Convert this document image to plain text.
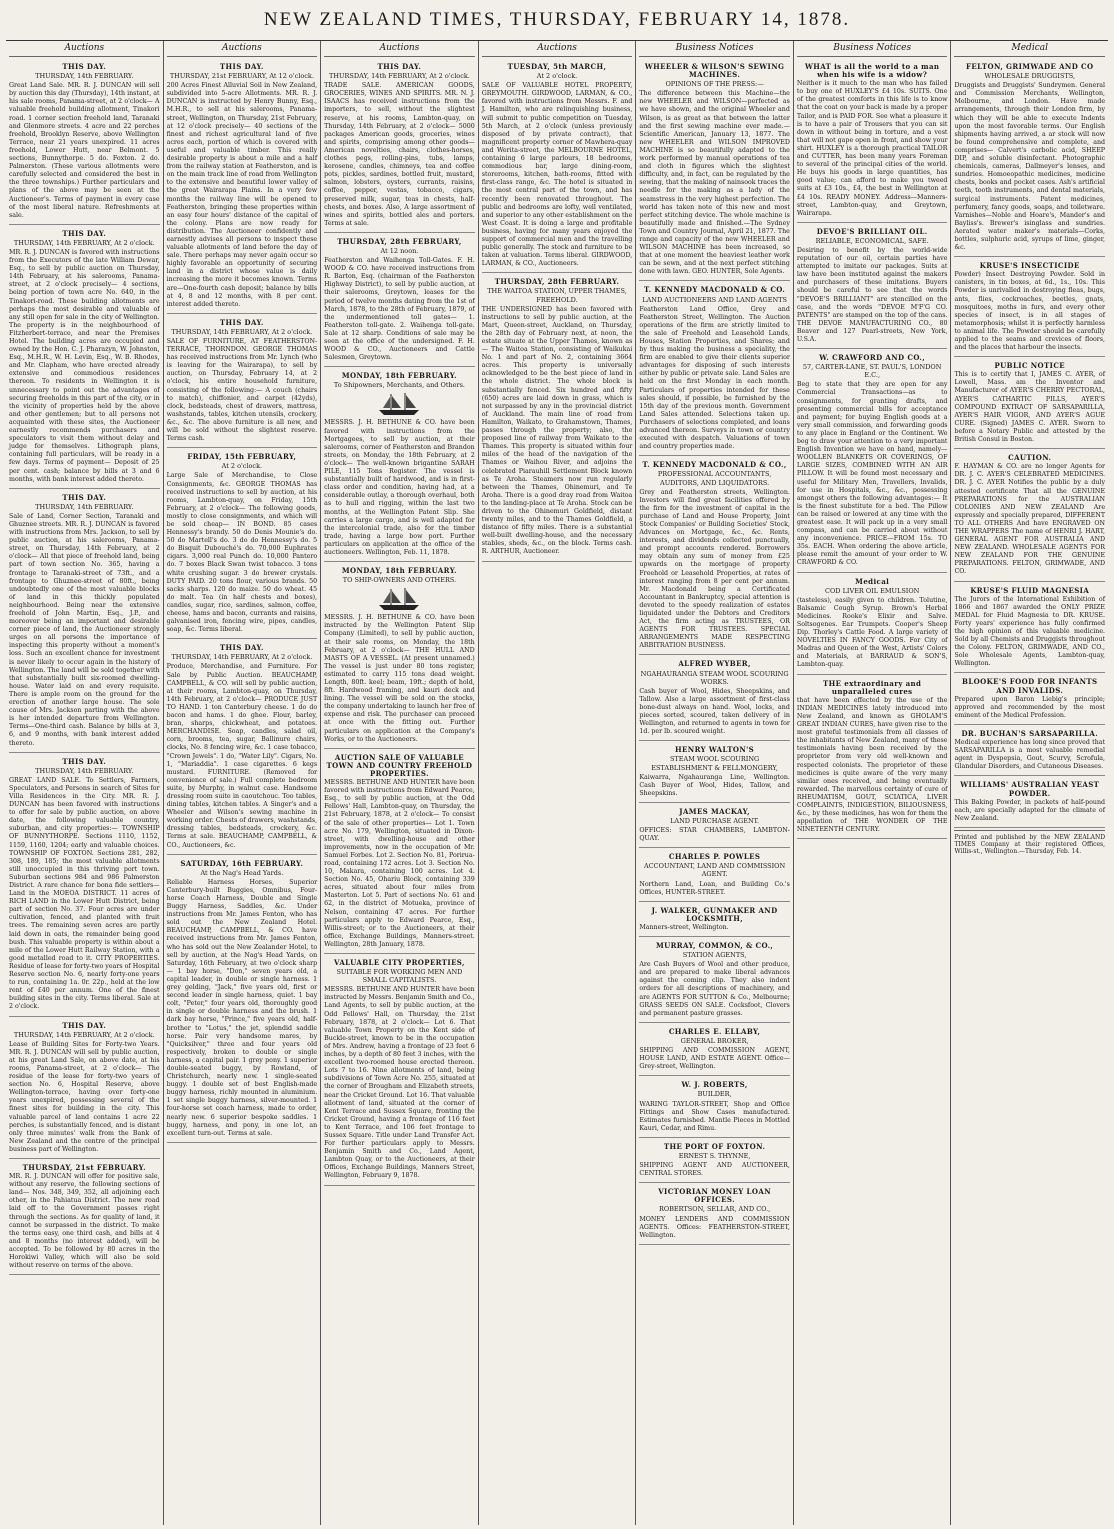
NEW ZEALAND TIMES, THURSDAY, FEBRUARY 14, 1878.
Auctions
THIS DAY.
THURSDAY, 14th FEBRUARY.

Great Land Sale. MR. R. J. DUNCAN will sell by auction this day (Thursday), 14th instant, at his sale rooms, Panama-street, at 2 o'clock— A valuable freehold building allotment, Tinakori road. 1 corner section freehold land, Taranaki and Glenmore streets. 4 acre and 22 perches freehold, Brooklyn Reserve, above Wellington Terrace, near 21 years unexpired. 11 acres freehold, Lower Hutt, near Belmont. 5 sections, Bunnythorpe. 5 do. Foxton. 2 do. Palmerston. (These various allotments were carefully selected and considered the best in the three townships.) Further particulars and plans of the above may be seen at the Auctioneer's. Terms of payment in every case of the most liberal nature. Refreshments at sale.

THIS DAY.
THURSDAY, 14th FEBRUARY, At 2 o'clock.

MR. R. J. DUNCAN is favored with instructions from the Executors of the late William Dewar, Esq., to sell by public auction on Thursday, 14th February, at his salerooms, Panama-street, at 2 o'clock precisely— 4 sections, being portion of town acre No. 640, in the Tinakori-road. These building allotments are perhaps the most desirable and valuable of any still open for sale in the city of Wellington. The property is in the neighbourhood of Fitzherbert-terrace, and near the Premises Hotel. The building acres are occupied and owned by the Hon. C. J. Pharazyn, W. Johnston, Esq., M.H.R., W. H. Levin, Esq., W. B. Rhodes, and Mr. Clapham, who have erected already extensive and commodious residences thereon. To residents in Wellington it is unnecessary to point out the advantages of securing freeholds in this part of the city, or in the vicinity of properties held by the above and other gentlemen; but to all persons not acquainted with these sites, the Auctioneer earnestly recommends purchasers and speculators to visit them without delay and judge for themselves. Lithograph plans, containing full particulars, will be ready in a few days. Terms of payment— Deposit of 25 per cent. cash; balance by bills at 3 and 6 months, with bank interest added thereto.

THIS DAY.
THURSDAY, 14th FEBRUARY.

Sale of Land, Corner Section, Taranaki and Ghuznee streets. MR. R. J. DUNCAN is favored with instructions from Mrs. Jackson, to sell by public auction, at his salerooms, Panama-street, on Thursday, 14th February, at 2 o'clock— All that piece of freehold land, being part of town section No. 365, having a frontage to Taranaki-street of 73ft., and a frontage to Ghuznee-street of 80ft., being undoubtedly one of the most valuable blocks of land in this thickly populated neighbourhood. Being near the extensive freehold of John Martin, Esq., J.P., and moreover being an important and desirable corner piece of land, the Auctioneer strongly urges on all persons the importance of inspecting this property without a moment's loss. Such an excellent chance for investment is never likely to occur again in the history of Wellington. The land will be sold together with that substantially built six-roomed dwelling-house. Water laid on and every requisite. There is ample room on the ground for the erection of another large house. The sole cause of Mrs. Jackson parting with the above is her intended departure from Wellington. Terms—One-third cash. Balance by bills at 3, 6, and 9 months, with bank interest added thereto.

THIS DAY.
THURSDAY, 14th FEBRUARY.

GREAT LAND SALE. To Settlers, Farmers, Speculators, and Persons in search of Sites for Villa Residences in the City. MR. R. J. DUNCAN has been favored with instructions to offer for sale by public auction, on above date, the following valuable country, suburban, and city properties:— TOWNSHIP OF BUNNYTHORPE. Sections 1110, 1152, 1159, 1160, 1204; early and valuable choices. TOWNSHIP OF FOXTON. Sections 281, 282, 308, 189, 185; the most valuable allotments still unoccupied in this thriving port town. Suburban sections 984 and 986 Palmerston District. A rare chance for bona fide settlers— Land in the MOEOA DISTRICT. 11 acres of RICH LAND in the Lower Hutt District, being part of section No. 37. Four acres are under cultivation, fenced, and planted with fruit trees. The remaining seven acres are partly laid down in oats, the remainder being good bush. This valuable property is within about a mile of the Lower Hutt Railway Station, with a good metalled road to it. CITY PROPERTIES. Residue of lease for forty-two years of Hospital Reserve section No. 6, nearly forty-one years to run, containing 1a. 0r. 22p., held at the low rent of £40 per annum. One of the finest building sites in the city. Terms liberal. Sale at 2 o'clock.

THIS DAY.
THURSDAY, 14th FEBRUARY, At 2 o'clock.

Lease of Building Sites for Forty-two Years. MR. R. J. DUNCAN will sell by public auction, at his great Land Sale, on above date, at his rooms, Panama-street, at 2 o'clock— The residue of the lease for forty-two years of section No. 6, Hospital Reserve, above Wellington-terrace, having over forty-one years unexpired, possessing several of the finest sites for building in the city. This valuable parcel of land contains 1 acre 22 perches, is substantially fenced, and is distant only three minutes' walk from the Bank of New Zealand and the centre of the principal business part of Wellington.

THURSDAY, 21st FEBRUARY.

MR. R. J. DUNCAN will offer for positive sale, without any reserve, the following sections of land— Nos. 348, 349, 352, all adjoining each other, in the Pahiatua District. The new road laid off to the Government passes right through the sections. As for quality of land, it cannot be surpassed in the district. To make the terms easy, one third cash, and bills at 4 and 8 months (no interest added), will be accepted. To be followed by 80 acres in the Horokiwi Valley, which will also be sold without reserve on terms of the above.

Auctions
THIS DAY.
THURSDAY, 21st FEBRUARY, At 12 o'clock.

200 Acres Finest Alluvial Soil in New Zealand, subdivided into 5-acre Allotments. MR. R. J. DUNCAN is instructed by Henry Bunny, Esq., M.H.R., to sell at his salerooms, Panama-street, Wellington, on Thursday, 21st February, at 12 o'clock precisely— 40 sections of the finest and richest agricultural land of five acres each, portion of which is covered with useful and valuable timber. This really desirable property is about a mile and a half from the railway station at Featherston, and is on the main track line of road from Wellington to the extensive and beautiful lower valley of the great Wairarapa Plains. In a very few months the railway line will be opened to Featherston, bringing these properties within an easy four hours' distance of the capital of the colony. Plans are now ready for distribution. The Auctioneer confidently and earnestly advises all persons to inspect these valuable allotments of land before the day of sale. There perhaps may never again occur so highly favorable an opportunity of securing land in a district whose value is daily increasing the more it becomes known. Terms are—One-fourth cash deposit; balance by bills at 4, 8 and 12 months, with 8 per cent. interest added thereto.

THIS DAY.
THURSDAY, 14th FEBRUARY, At 2 o'clock.

SALE OF FURNITURE, AT FEATHERSTON-TERRACE, THORNDON. GEORGE THOMAS has received instructions from Mr. Lynch (who is leaving for the Wairarapa), to sell by auction, on Thursday, February 14, at 2 o'clock, his entire household furniture, consisting of the following:— A couch (chairs to match), chiffonier, and carpet (42yds), clock, bedsteads, chest of drawers, mattress, washstands, tables, kitchen utensils, crockery, &c., &c. The above furniture is all new, and will be sold without the slightest reserve. Terms cash.

FRIDAY, 15th FEBRUARY,
At 2 o'clock.

Large Sale of Merchandise, to Close Consignments, &c. GEORGE THOMAS has received instructions to sell by auction, at his rooms, Lambton-quay, on Friday, 15th February, at 2 o'clock— The following goods, mostly to close consignments, and which will be sold cheap— IN BOND. 85 cases Hennessy's brandy. 50 do Denis Mounie's do. 50 do Martell's do. 3 do do Hennessy's do. 5 do Bisquit Dubouché's do. 70,000 Euphrates cigars. 3,000 real Punch do. 10,000 Pantero do. 7 boxes Black Swan twist tobacco. 3 tons white crushing sugar. 3 do brewer crystals. DUTY PAID. 20 tons flour, various brands. 50 sacks sharps. 120 do maize. 50 do wheat. 45 do malt. Tea (in half chests and boxes), candles, sugar, rice, sardines, salmon, coffee, cheese, hams and bacon, currants and raisins, galvanised iron, fencing wire, pipes, candles, soap, &c. Terms liberal.

THIS DAY.
THURSDAY, 14th FEBRUARY, At 2 o'clock.

Produce, Merchandise, and Furniture. For Sale by Public Auction. BEAUCHAMP, CAMPBELL, & CO. will sell by public auction, at their rooms, Lambton-quay, on Thursday, 14th February, at 2 o'clock— PRODUCE JUST TO HAND. 1 ton Canterbury cheese. 1 do do bacon and hams. 1 do ghee. Flour, barley, bran, sharps, chickwheat, and potatoes. MERCHANDISE. Soap, candles, salad oil, corn, brooms, tea, sugar, Ballinure chairs, clocks, No. 8 fencing wire, &c. 1 case tobacco, "Crown Jewels". 1 do, "Water Lily". Cigars, No. 1, "Mariaddia". 1 case cigarettes. 6 kegs mustard. FURNITURE. (Removed for convenience of sale.) Full complete bedroom suite, by Murphy, in walnut case. Handsome dressing room suite in caoutchouc. Too tables, dining tables, kitchen tables. A Singer's and a Wheeler and Wilson's sewing machine in working order. Chests of drawers, washstands, dressing tables, bedsteads, crockery, &c. Terms at sale. BEAUCHAMP, CAMPBELL, & CO., Auctioneers, &c.

SATURDAY, 16th FEBRUARY.
At the Nag's Head Yards.

Reliable Harness Horses, Superior Canterbury-built Buggies, Omnibus, Four-horse Coach Harness, Double and Single Buggy Harness, Saddles, &c. Under instructions from Mr. James Fenton, who has sold out the New Zealand Hotel. BEAUCHAMP, CAMPBELL, & CO. have received instructions from Mr. James Fenton, who has sold out the New Zealander Hotel, to sell by auction, at the Nag's Head Yards, on Saturday, 16th February, at two o'clock sharp— 1 bay horse, "Don," seven years old, a capital leader, in double or single harness. 1 grey gelding, "Jack," five years old, first or second leader in single harness, quiet. 1 bay colt, "Peter," four years old, thoroughly good in single or double harness and the brush. 1 dark bay horse, "Prince," five years old, half-brother to "Lotus," the jet, splendid saddle horse. Pair very handsome mares, by "Quicksilver," three and four years old respectively, broken to double or single harness, a capital pair. 1 grey pony. 1 superior double-seated buggy, by Rowland, of Christchurch, nearly new. 1 single-seated buggy. 1 double set of best English-made buggy harness, richly mounted in aluminium. 1 set single buggy harness, silver-mounted. 1 four-horse set coach harness, made to order, nearly new. 6 superior bespoke saddles. 1 buggy, harness, and pony, in one lot, an excellent turn-out. Terms at sale.

Auctions
THIS DAY.
THURSDAY, 14th FEBRUARY, At 2 o'clock.

TRADE SALE. AMERICAN GOODS, GROCERIES, WINES AND SPIRITS. MR. N. J. ISAACS has received instructions from the importers, to sell, without the slightest reserve, at his rooms, Lambton-quay, on Thursday, 14th February, at 2 o'clock— 5000 packages American goods, groceries, wines and spirits, comprising among other goods— American novelties, chairs, clothes-horses, clothes pegs, rolling-pins, tubs, lamps, kerosene, candles, chimneys, tea and coffee pots, pickles, sardines, bottled fruit, mustard, salmon, lobsters, oysters, currants, raisins, coffee, pepper, vestas, tobacco, cigars, preserved milk, sugar, teas in chests, half-chests, and boxes. Also, A large assortment of wines and spirits, bottled ales and porters. Terms at sale.

THURSDAY, 28th FEBRUARY,
At 12 noon.

Featherston and Waihenga Toll-Gates. F. H. WOOD & CO. have received instructions from R. Barton, Esq. (chairman of the Featherston Highway District), to sell by public auction, at their salerooms, Greytown, leases for the period of twelve months dating from the 1st of March, 1878, to the 28th of February, 1879, of the undermentioned toll gates— 1. Featherston toll-gate. 2. Waihenga toll-gate. Sale at 12 sharp. Conditions of sale may be seen at the office of the undersigned. F. H. WOOD & CO., Auctioneers and Cattle Salesmen, Greytown.

MONDAY, 18th FEBRUARY.
To Shipowners, Merchants, and Others.

MESSRS. J. H. BETHUNE & CO. have been favored with instructions from the Mortgagees, to sell by auction, at their salerooms, corner of Featherston and Brandon streets, on Monday, the 18th February, at 2 o'clock— The well-known brigantine SARAH PILE, 115 Tons Register. The vessel is substantially built of hardwood, and is in first-class order and condition, having had, at a considerable outlay, a thorough overhaul, both as to hull and rigging, within the last two months, at the Wellington Patent Slip. She carries a large cargo, and is well adapted for the intercolonial trade, also for the timber trade, having a large bow port. Further particulars on application at the office of the auctioneers. Wellington, Feb. 11, 1878.

MONDAY, 18th FEBRUARY.
TO SHIP-OWNERS AND OTHERS.

MESSRS. J. H. BETHUNE & CO. have been instructed by the Wellington Patent Slip Company (Limited), to sell by public auction, at their sale rooms, on Monday, the 18th February, at 2 o'clock— THE HULL AND MASTS OF A VESSEL. (At present unnamed.) The vessel is just under 80 tons register, estimated to carry 115 tons dead weight. Length, 80ft. keel; beam, 19ft.; depth of hold, 8ft. Hardwood framing, and kauri deck and lining. The vessel will be sold on the stocks, the company undertaking to launch her free of expense and risk. The purchaser can proceed at once with the fitting out. Further particulars on application at the Company's Works, or to the Auctioneers.

AUCTION SALE OF VALUABLE TOWN AND COUNTRY FREEHOLD PROPERTIES.

MESSRS. BETHUNE AND HUNTER have been favored with instructions from Edward Pearce, Esq., to sell by public auction, at the Odd Fellows' Hall, Lambton-quay, on Thursday, the 21st February, 1878, at 2 o'clock— To consist of the sale of other properties— Lot 1. Town acre No. 179, Wellington, situated in Dixon-street, with dwelling-house and other improvements, now in the occupation of Mr. Samuel Forbes. Lot 2. Section No. 81, Porirua-road, containing 172 acres. Lot 3. Section No. 10, Makara, containing 100 acres. Lot 4. Section No. 45, Ohariu Block, containing 339 acres, situated about four miles from Masterton. Lot 5. Part of sections No. 61 and 62, in the district of Motueka, province of Nelson, containing 47 acres. For further particulars apply to Edward Pearce, Esq., Willis-street; or to the Auctioneers, at their office, Exchange Buildings, Manners-street. Wellington, 28th January, 1878.

VALUABLE CITY PROPERTIES,
SUITABLE FOR WORKING MEN AND SMALL CAPITALISTS.

MESSRS. BETHUNE AND HUNTER have been instructed by Messrs. Benjamin Smith and Co., Land Agents, to sell by public auction, at the Odd Fellows' Hall, on Thursday, the 21st February, 1878, at 2 o'clock— Lot 6. That valuable Town Property on the Kent side of Buckle-street, known to be in the occupation of Mrs. Andrew, having a frontage of 23 feet 6 inches, by a depth of 80 feet 3 inches, with the excellent two-roomed house erected thereon. Lots 7 to 16. Nine allotments of land, being subdivisions of Town Acre No. 255, situated at the corner of Brougham and Elizabeth streets, near the Cricket Ground. Lot 16. That valuable allotment of land, situated at the corner of Kent Terrace and Sussex Square, fronting the Cricket Ground, having a frontage of 116 feet to Kent Terrace, and 106 feet frontage to Sussex Square. Title under Land Transfer Act. For further particulars apply to Messrs. Benjamin Smith and Co., Land Agent, Lambton Quay, or to the Auctioneers, at their Offices, Exchange Buildings, Manners Street, Wellington, February 9, 1878.

Auctions
TUESDAY, 5th MARCH,
At 2 o'clock.

SALE OF VALUABLE HOTEL PROPERTY, GREYMOUTH. GIRDWOOD, LARMAN, & CO., favored with instructions from Messrs. F. and J. Hamilton, who are relinquishing business, will submit to public competition on Tuesday, 5th March, at 2 o'clock (unless previously disposed of by private contract), that magnificent property corner of Mawhera-quay and Werita-street, the MELBOURNE HOTEL, containing 6 large parlours, 18 bedrooms, commodious bar, large dining-room, storerooms, kitchen, bath-rooms, fitted with first-class range, &c. The hotel is situated in the most central part of the town, and has recently been renovated throughout. The public and bedrooms are lofty, well ventilated, and superior to any other establishment on the West Coast. It is doing a large and profitable business, having for many years enjoyed the support of commercial men and the travelling public generally. The stock and furniture to be taken at valuation. Terms liberal. GIRDWOOD, LARMAN, & CO., Auctioneers.

THURSDAY, 28th FEBRUARY.
THE WAITOA STATION, UPPER THAMES, FREEHOLD.

THE UNDERSIGNED has been favored with instructions to sell by public auction, at the Mart, Queen-street, Auckland, on Thursday, the 28th day of February next, at noon, the estate situate at the Upper Thames, known as— The Waitoa Station, consisting of Waikukai No. 1 and part of No. 2, containing 3664 acres. This property is universally acknowledged to be the best piece of land in the whole district. The whole block is substantially fenced. Six hundred and fifty (650) acres are laid down in grass, which is not surpassed by any in the provincial district of Auckland. The main line of road from Hamilton, Waikato, to Grahamstown, Thames, passes through the property; also, the proposed line of railway from Waikato to the Thames. This property is situated within four miles of the head of the navigation of the Thames or Waihou River, and adjoins the celebrated Piarauhill Settlement Block known as Te Aroha. Steamers now run regularly between the Thames, Ohinemuri, and Te Aroha. There is a good dray road from Waitoa to the landing-place at Te Aroha. Stock can be driven to the Ohinemuri Goldfield, distant twenty miles, and to the Thames Goldfield, a distance of fifty miles. There is a substantial well-built dwelling-house, and the necessary stables, sheds, &c., on the block. Terms cash. R. ARTHUR, Auctioneer.

Business Notices
WHEELER & WILSON'S SEWING MACHINES.
OPINIONS OF THE PRESS:—

The difference between this Machine—the new WHEELER and WILSON—perfected as we have shown, and the original Wheeler and Wilson, is as great as that between the latter and the first sewing machine ever made.—Scientific American, January 13, 1877. The new WHEELER and WILSON IMPROVED MACHINE is so beautifully adapted to the work performed by manual operations of tea and cloth in figures which the slightest difficulty, and, in fact, can be regulated by the sewing, that the making of nainsook traces the needle for the making as a lady of the seamstress in the very highest perfection. The world has taken note of this new and most perfect stitching device. The whole machine is beautifully made and finished.—The Sydney Town and Country Journal, April 21, 1877. The range and capacity of the new WHEELER and WILSON MACHINE has been increased, so that at one moment the heaviest leather work can be sewn, and at the next perfect stitching done with lawn. GEO. HUNTER, Sole Agents.

T. KENNEDY MACDONALD & CO.
LAND AUCTIONEERS AND LAND AGENTS

Featherston Land Office, Grey and Featherston Street, Wellington. The Auction operations of the firm are strictly limited to the sale of Freehold and Leasehold Lands, Houses, Station Properties, and Shares; and by thus making the business a speciality, the firm are enabled to give their clients superior advantages for disposing of such interests either by public or private sale. Land Sales are held on the first Monday in each month. Particulars of properties intended for these sales should, if possible, be furnished by the 15th day of the previous month. Government Land Sales attended. Selections taken up. Purchasers of selections completed, and loans advanced thereon. Surveys in town or country executed with despatch. Valuations of town and country properties made.

T. KENNEDY MACDONALD & CO.,
PROFESSIONAL ACCOUNTANTS, AUDITORS, AND LIQUIDATORS.

Grey and Featherston streets, Wellington. Investors will find great facilities offered by the firm for the investment of capital in the purchase of Land and House Property, Joint Stock Companies' or Building Societies' Stock, Advances on Mortgage, &c., &c. Rents, interests, and dividends collected punctually, and prompt accounts rendered. Borrowers may obtain any sum of money from £25 upwards on the mortgage of property Freehold or Leasehold Properties, at rates of interest ranging from 8 per cent per annum. Mr. Macdonald being a Certificated Accountant in Bankruptcy, special attention is devoted to the speedy realization of estates liquidated under the Debtors and Creditors Act, the firm acting as TRUSTEES, OR AGENTS FOR TRUSTEES. SPECIAL ARRANGEMENTS MADE RESPECTING ARBITRATION BUSINESS.

ALFRED WYBER,
NGAHAURANGA STEAM WOOL SCOURING WORKS.

Cash buyer of Wool, Hides, Sheepskins, and Tallow. Also a large assortment of first-class bone-dust always on hand. Wool, locks, and pieces sorted, scoured, taken delivery of in Wellington, and returned to agents in town for 1d. per lb. scoured weight.

HENRY WALTON'S
STEAM WOOL SCOURING ESTABLISHMENT & FELLMONGERY,

Kaiwarra, Ngahauranga Line, Wellington. Cash Buyer of Wool, Hides, Tallow, and Sheepskins.

JAMES MACKAY,
LAND PURCHASE AGENT.

OFFICES: STAR CHAMBERS, LAMBTON-QUAY.

CHARLES P. POWLES
ACCOUNTANT, LAND AND COMMISSION AGENT.

Northern Land, Loan, and Building Co.'s Offices, HUNTER-STREET.

J. WALKER, GUNMAKER AND LOCKSMITH,

Manners-street, Wellington.

MURRAY, COMMON, & CO.,
STATION AGENTS,

Are Cash Buyers of Wool and other produce, and are prepared to make liberal advances against the coming clip. They also indent orders for all descriptions of machinery, and are AGENTS FOR SUTTON & Co., Melbourne; GRASS SEEDS ON SALE. Cocksfoot, Clovers and permanent pasture grasses.

CHARLES E. ELLABY,
GENERAL BROKER,

SHIPPING AND COMMISSION AGENT, HOUSE LAND, AND ESTATE AGENT. Office—Grey-street, Wellington.

W. J. ROBERTS,
BUILDER,

WARING TAYLOR-STREET, Shop and Office Fittings and Show Cases manufactured. Estimates furnished. Mantle Pieces in Mottled Kauri, Cedar, and Rimu.

THE PORT OF FOXTON.
ERNEST S. THYNNE,

SHIPPING AGENT AND AUCTIONEER, CENTRAL STORES.

VICTORIAN MONEY LOAN OFFICES.
ROBERTSON, SELLAR, AND CO.,

MONEY LENDERS AND COMMISSION AGENTS. Offices: FEATHERSTON-STREET, Wellington.

Business Notices
WHAT is all the world to a man when his wife is a widow?

Neither is it much to the man who has failed to buy one of HUXLEY'S £4 10s. SUITS. One of the greatest comforts in this life is to know that the coat on your back is made by a proper Tailor, and is PAID FOR. See what a pleasure it is to have a pair of Trousers that you can sit down in without being in torture, and a vest that will not gape open in front, and show your shirt. HUXLEY is a thorough practical TAILOR and CUTTER, has been many years Foreman to several of the principal cities of the world. He buys his goods in large quantities, has good value; can afford to make you tweed suits at £3 10s., £4, the best in Wellington at £4 10s. READY MONEY. Address—Manners-street, Lambton-quay, and Greytown, Wairarapa.

DEVOE'S BRILLIANT OIL.
RELIABLE, ECONOMICAL, SAFE.

Desiring to benefit by the world-wide reputation of our oil, certain parties have attempted to imitate our packages. Suits at law have been instituted against the makers and purchasers of these imitations. Buyers should be careful to see that the words "DEVOE'S BRILLIANT" are stencilled on the case, and the words "DEVOE M'F'G CO. PATENTS" are stamped on the top of the cans. THE DEVOE MANUFACTURING CO., 80 Beaver and 127 Pearl-streets, New York, U.S.A.

W. CRAWFORD AND CO.,
57, CARTER-LANE, ST. PAUL'S, LONDON E.C.,

Beg to state that they are open for any Commercial Transactions—as to consignments, for granting drafts, and presenting commercial bills for acceptance and payment; for buying English goods at a very small commission, and forwarding goods to any place in England or the Continent. We beg to draw your attention to a very important English Invention we have on hand, namely— WOOLLEN BLANKETS OR COVERINGS, OF LARGE SIZES, COMBINED WITH AN AIR PILLOW. It will be found most necessary and useful for Military Men, Travellers, Invalids, for use in Hospitals, &c., &c., possessing amongst others the following advantages:— It is the finest substitute for a bed. The Pillow can be raised or lowered at any time with the greatest ease. It will pack up in a very small compass, and can be carried about without any inconvenience. PRICE—FROM 15s. TO 35s. EACH. When ordering the above article, please remit the amount of your order to W. CRAWFORD & CO.

Medical
COD LIVER OIL EMULSION

(tasteless), easily given to children. Tolutine, Balsamic Cough Syrup. Brown's Herbal Medicines. Rooke's Elixir and Salve. Soltsogenes. Ear Trumpets. Cooper's Sheep Dip. Thorley's Cattle Food. A large variety of NOVELTIES IN FANCY GOODS. For City of Madras and Queen of the West, Artists' Colors and Materials, at BARRAUD & SON'S, Lambton-quay.

THE extraordinary and unparalleled cures

that have been effected by the use of the INDIAN MEDICINES lately introduced into New Zealand, and known as GHOLAM'S GREAT INDIAN CURES, have given rise to the most grateful testimonials from all classes of the inhabitants of New Zealand, many of these testimonials having been received by the proprietor from very old well-known and respected colonists. The proprietor of these medicines is quite aware of the very many similar ones received, and being eventually rewarded. The marvellous certainty of cure of RHEUMATISM, GOUT, SCIATICA, LIVER COMPLAINTS, INDIGESTION, BILIOUSNESS, &c., by these medicines, has won for them the appellation of THE WONDER OF THE NINETEENTH CENTURY.

Medical
FELTON, GRIMWADE AND CO
WHOLESALE DRUGGISTS,

Druggists and Druggists' Sundrymen. General and Commission Merchants, Wellington, Melbourne, and London. Have made arrangements, through their London firm, by which they will be able to execute Indents upon the most favorable terms. Our English shipments having arrived, a ar stock will now be found comprehensive and complete, and comprises— Calvert's carbolic acid, SHEEP DIP, and soluble disinfectant. Photographic chemicals, cameras, Dallmeyer's lenses, and sundries. Homoeopathic medicines, medicine chests, books and pocket cases. Ash's artificial teeth, tooth instruments, and dental materials, surgical instruments. Patent medicines, perfumery, fancy goods, soaps, and toiletware. Varnishes—Noble and Hoare's, Mander's and Bayliss's. Brewer's isinglass and sundries. Aerated water maker's materials—Corks, bottles, sulphuric acid, syrups of lime, ginger, &c.

KRUSE'S INSECTICIDE

Powder) Insect Destroying Powder. Sold in canisters, in tin boxes, at 6d., 1s., 10s. This Powder is unrivalled in destroying fleas, bugs, ants, flies, cockroaches, beetles, gnats, mosquitoes, moths in furs, and every other species of insect, is in all stages of metamorphosis; whilst it is perfectly harmless to animal life. The Powder should be carefully applied to the seams and crevices of floors, and the places that harbour the insects.

PUBLIC NOTICE

This is to certify that I, JAMES C. AYER, of Lowell, Mass. am the Inventor and Manufacturer of AYER'S CHERRY PECTORAL, AYER'S CATHARTIC PILLS, AYER'S COMPOUND EXTRACT OF SARSAPARILLA, AYER'S HAIR VIGOR, AND AYER'S AGUE CURE. (Signed) JAMES C. AYER. Sworn to before a Notary Public and attested by the British Consul in Boston.

CAUTION.

F. HAYMAN & CO. are no longer Agents for DR. J. C. AYER'S CELEBRATED MEDICINES. DR. J. C. AYER Notifies the public by a duly attested certificate That all the GENUINE PREPARATIONS for the AUSTRALIAN COLONIES AND NEW ZEALAND Are expressly and specially prepared, DIFFERENT TO ALL OTHERS And have ENGRAVED ON THE WRAPPERS The name of HENRI J. HART, GENERAL AGENT FOR AUSTRALIA AND NEW ZEALAND. WHOLESALE AGENTS FOR NEW ZEALAND FOR THE GENUINE PREPARATIONS. FELTON, GRIMWADE, AND CO.

KRUSE'S FLUID MAGNESIA

The Jurors of the International Exhibition of 1866 and 1867 awarded the ONLY PRIZE MEDAL for Fluid Magnesia to DR. KRUSE. Forty years' experience has fully confirmed the high opinion of this valuable medicine. Sold by all Chemists and Druggists throughout the Colony. FELTON, GRIMWADE, AND CO., Sole Wholesale Agents, Lambton-quay, Wellington.

BLOOKE'S FOOD FOR INFANTS AND INVALIDS.

Prepared upon Baron Liebig's principle; approved and recommended by the most eminent of the Medical Profession.

DR. BUCHAN'S SARSAPARILLA.

Medical experience has long since proved that SARSAPARILLA is a most valuable remedial agent in Dyspepsia, Gout, Scurvy, Scrofula, Glandular Disorders, and Cutaneous Diseases.

WILLIAMS' AUSTRALIAN YEAST POWDER.

This Baking Powder, in packets of half-pound each, are specially adapted for the climate of New Zealand.

Printed and published by the NEW ZEALAND TIMES Company at their registered Offices, Willis-st., Wellington.—Thursday, Feb. 14.
